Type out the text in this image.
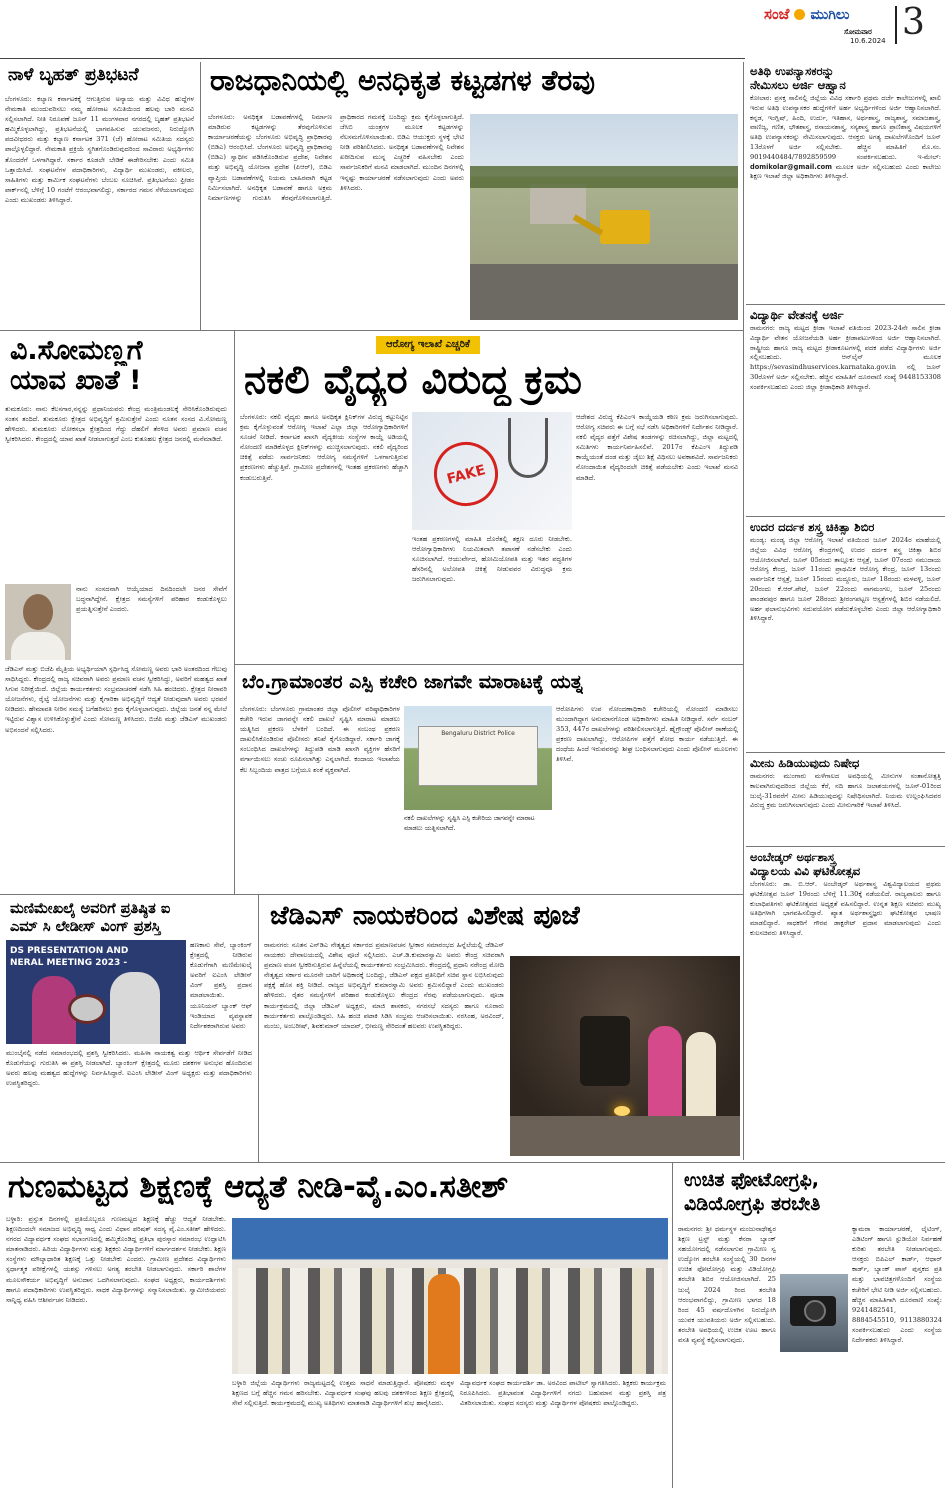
ಸಂಜೆ ಮುಗಿಲು
ಸೋಮವಾರ
10.6.2024 3
ನಾಳೆ ಬೃಹತ್ ಪ್ರತಿಭಟನೆ
ಬೆಂಗಳೂರು: ಕಲ್ಯಾಣ ಕರ್ನಾಟಕಕ್ಕೆ ಆಗುತ್ತಿರುವ ಅನ್ಯಾಯ ಮತ್ತು ವಿವಿಧ ಹುದ್ದೆಗಳ ನೇಮಕಾತಿ ಮುಂದುವರಿಸಲು ನಮ್ಮ ಹೋರಾಟ ಸಮಿತಿಯಿಂದ ಹಲವು ಬಾರಿ ಮನವಿ ಸಲ್ಲಿಸಲಾಗಿದೆ. ನೀತಿ ನಿರೂಪಣೆ ಜೂನ್ 11 ಮಂಗಳವಾರ ನಗರದಲ್ಲಿ ಬೃಹತ್ ಪ್ರತಿಭಟನೆ ಹಮ್ಮಿಕೊಳ್ಳಲಾಗಿದ್ದು, ಪ್ರತಿಭಟನೆಯಲ್ಲಿ ಭಾಗವಹಿಸುವ ಯುವಜನರು, ನಿರುದ್ಯೋಗಿ ಪದವೀಧರರು ಮತ್ತು ಕಲ್ಯಾಣ ಕರ್ನಾಟಕ 371 (ಜೆ) ಹೋರಾಟ ಸಮಿತಿಯ ಸದಸ್ಯರು ಪಾಲ್ಗೊಳ್ಳಲಿದ್ದಾರೆ. ನೇಮಕಾತಿ ಪ್ರಕ್ರಿಯೆ ಸ್ಥಗಿತಗೊಂಡಿರುವುದರಿಂದ ಸಾವಿರಾರು ಅಭ್ಯರ್ಥಿಗಳು ತೊಂದರೆಗೆ ಒಳಗಾಗಿದ್ದಾರೆ. ಸರ್ಕಾರ ಕೂಡಲೇ ಬೇಡಿಕೆ ಈಡೇರಿಸಬೇಕು ಎಂದು ಸಮಿತಿ ಒತ್ತಾಯಿಸಿದೆ. ಸಂಘಟನೆಗಳ ಪದಾಧಿಕಾರಿಗಳು, ವಿದ್ಯಾರ್ಥಿ ಮುಖಂಡರು, ವಕೀಲರು, ಸಾಹಿತಿಗಳು ಮತ್ತು ಕಾರ್ಮಿಕ ಸಂಘಟನೆಗಳು ಬೆಂಬಲ ಸೂಚಿಸಿವೆ. ಪ್ರತಿಭಟನೆಯು ಫ್ರೀಡಂ ಪಾರ್ಕ್‌ನಲ್ಲಿ ಬೆಳಿಗ್ಗೆ 10 ಗಂಟೆಗೆ ಆರಂಭವಾಗಲಿದ್ದು, ಸರ್ಕಾರದ ಗಮನ ಸೆಳೆಯಲಾಗುವುದು ಎಂದು ಮುಖಂಡರು ತಿಳಿಸಿದ್ದಾರೆ.
ರಾಜಧಾನಿಯಲ್ಲಿ ಅನಧಿಕೃತ ಕಟ್ಟಡಗಳ ತೆರವು
ಬೆಂಗಳೂರು: ಅನಧಿಕೃತ ಬಡಾವಣೆಗಳಲ್ಲಿ ನಿರ್ಮಾಣ ಮಾಡಿರುವ ಕಟ್ಟಡಗಳನ್ನು ತೆರವುಗೊಳಿಸುವ ಕಾರ್ಯಾಚರಣೆಯನ್ನು ಬೆಂಗಳೂರು ಅಭಿವೃದ್ಧಿ ಪ್ರಾಧಿಕಾರವು (ಬಿಡಿಎ) ಆರಂಭಿಸಿದೆ. ಬೆಂಗಳೂರು ಅಭಿವೃದ್ಧಿ ಪ್ರಾಧಿಕಾರವು (ಬಿಡಿಎ) ಸ್ವಾಧೀನ ಪಡಿಸಿಕೊಂಡಿರುವ ಪ್ರದೇಶ, ನಿವೇಶನ ಮತ್ತು ಅಭಿವೃದ್ಧಿ ಯೋಜನಾ ಪ್ರದೇಶ (ಪಿಆರ್), ಬಿಡಿಎ ವ್ಯಾಪ್ತಿಯ ಬಡಾವಣೆಗಳಲ್ಲಿ ನಿಯಮ ಬಾಹಿರವಾಗಿ ಕಟ್ಟಡ ನಿರ್ಮಿಸಲಾಗಿದೆ. ಅನಧಿಕೃತ ಬಡಾವಣೆ ಹಾಗೂ ಅಕ್ರಮ ನಿರ್ಮಾಣಗಳನ್ನು ಗುರುತಿಸಿ ತೆರವುಗೊಳಿಸಲಾಗುತ್ತಿದೆ. ಪ್ರಾಧಿಕಾರದ ಗಮನಕ್ಕೆ ಬಂದಿದ್ದು ಕ್ರಮ ಕೈಗೊಳ್ಳಲಾಗುತ್ತಿದೆ. ಜೆಸಿಬಿ ಯಂತ್ರಗಳ ಮೂಲಕ ಕಟ್ಟಡಗಳನ್ನು ನೆಲಸಮಗೊಳಿಸಲಾಯಿತು. ಬಿಡಿಎ ಆಯುಕ್ತರು ಸ್ಥಳಕ್ಕೆ ಭೇಟಿ ನೀಡಿ ಪರಿಶೀಲಿಸಿದರು. ಅನಧಿಕೃತ ಬಡಾವಣೆಗಳಲ್ಲಿ ನಿವೇಶನ ಖರೀದಿಸುವ ಮುನ್ನ ಎಚ್ಚರಿಕೆ ವಹಿಸಬೇಕು ಎಂದು ಸಾರ್ವಜನಿಕರಿಗೆ ಮನವಿ ಮಾಡಲಾಗಿದೆ. ಮುಂದಿನ ದಿನಗಳಲ್ಲಿ ಇನ್ನಷ್ಟು ಕಾರ್ಯಾಚರಣೆ ನಡೆಸಲಾಗುವುದು ಎಂದು ಅವರು ತಿಳಿಸಿದರು.
ವಿ.ಸೋಮಣ್ಣಗೆ
ಯಾವ ಖಾತೆ !
ತುಮಕೂರು: ನಾನು ಕೆಲಸಗಾರ,ನನ್ನನ್ನು ಪ್ರಧಾನಿಯವರು ಕೇಂದ್ರ ಮಂತ್ರಿಮಂಡಲಕ್ಕೆ ಸೇರಿಸಿಕೊಂಡಿರುವುದು ಸಂತಸ ತಂದಿದೆ. ತುಮಕೂರು ಕ್ಷೇತ್ರದ ಅಭಿವೃದ್ಧಿಗೆ ಶ್ರಮಿಸುತ್ತೇನೆ ಎಂದು ನೂತನ ಸಂಸದ ವಿ.ಸೋಮಣ್ಣ ಹೇಳಿದರು. ತುಮಕೂರು ಲೋಕಸಭಾ ಕ್ಷೇತ್ರದಿಂದ ಗೆದ್ದು ದೆಹಲಿಗೆ ತೆರಳಿದ ಅವರು ಪ್ರಮಾಣ ವಚನ ಸ್ವೀಕರಿಸಿದರು. ಕೇಂದ್ರದಲ್ಲಿ ಯಾವ ಖಾತೆ ನೀಡಲಾಗುತ್ತದೆ ಎಂಬ ಕುತೂಹಲ ಕ್ಷೇತ್ರದ ಜನರಲ್ಲಿ ಮನೆಮಾಡಿದೆ.
ನಾನು ಸಂಸದನಾಗಿ ಆಯ್ಕೆಯಾದ ದಿನದಿಂದಲೇ ಜನರ ಸೇವೆಗೆ ಬದ್ಧನಾಗಿದ್ದೇನೆ. ಕ್ಷೇತ್ರದ ಸಮಸ್ಯೆಗಳಿಗೆ ಪರಿಹಾರ ಕಂಡುಕೊಳ್ಳಲು ಪ್ರಯತ್ನಿಸುತ್ತೇನೆ ಎಂದರು.
ಜೆಡಿಎಸ್ ಮತ್ತು ಬಿಜೆಪಿ ಮೈತ್ರಿಯ ಅಭ್ಯರ್ಥಿಯಾಗಿ ಸ್ಪರ್ಧಿಸಿದ್ದ ಸೋಮಣ್ಣ ಅವರು ಭಾರಿ ಅಂತರದಿಂದ ಗೆಲುವು ಸಾಧಿಸಿದ್ದರು. ಕೇಂದ್ರದಲ್ಲಿ ರಾಜ್ಯ ಸಚಿವರಾಗಿ ಅವರು ಪ್ರಮಾಣ ವಚನ ಸ್ವೀಕರಿಸಿದ್ದು, ಅವರಿಗೆ ಮಹತ್ವದ ಖಾತೆ ಸಿಗುವ ನಿರೀಕ್ಷೆಯಿದೆ. ಜಿಲ್ಲೆಯ ಕಾರ್ಯಕರ್ತರು ಸಂಭ್ರಮಾಚರಣೆ ನಡೆಸಿ ಸಿಹಿ ಹಂಚಿದರು. ಕ್ಷೇತ್ರದ ನೀರಾವರಿ ಯೋಜನೆಗಳು, ರೈಲ್ವೆ ಯೋಜನೆಗಳು ಮತ್ತು ಕೈಗಾರಿಕಾ ಅಭಿವೃದ್ಧಿಗೆ ಆದ್ಯತೆ ನೀಡುವುದಾಗಿ ಅವರು ಭರವಸೆ ನೀಡಿದರು. ಹೇಮಾವತಿ ನೀರಿನ ಸಮಸ್ಯೆ ಬಗೆಹರಿಸಲು ಕ್ರಮ ಕೈಗೊಳ್ಳಲಾಗುವುದು. ಜಿಲ್ಲೆಯ ಜನತೆ ನನ್ನ ಮೇಲೆ ಇಟ್ಟಿರುವ ವಿಶ್ವಾಸ ಉಳಿಸಿಕೊಳ್ಳುತ್ತೇನೆ ಎಂದು ಸೋಮಣ್ಣ ತಿಳಿಸಿದರು. ಬಿಜೆಪಿ ಮತ್ತು ಜೆಡಿಎಸ್ ಮುಖಂಡರು ಅಭಿನಂದನೆ ಸಲ್ಲಿಸಿದರು.
ಆರೋಗ್ಯ ಇಲಾಖೆ ಎಚ್ಚರಿಕೆ
ನಕಲಿ ವೈದ್ಯರ ವಿರುದ್ಧ ಕ್ರಮ
ಬೆಂಗಳೂರು: ನಕಲಿ ವೈದ್ಯರು ಹಾಗೂ ಅನಧಿಕೃತ ಕ್ಲಿನಿಕ್‌ಗಳ ವಿರುದ್ಧ ಕಟ್ಟುನಿಟ್ಟಿನ ಕ್ರಮ ಕೈಗೊಳ್ಳುವಂತೆ ಆರೋಗ್ಯ ಇಲಾಖೆ ಎಲ್ಲಾ ಜಿಲ್ಲಾ ಆರೋಗ್ಯಾಧಿಕಾರಿಗಳಿಗೆ ಸೂಚನೆ ನೀಡಿದೆ. ಕರ್ನಾಟಕ ಖಾಸಗಿ ವೈದ್ಯಕೀಯ ಸಂಸ್ಥೆಗಳ ಕಾಯ್ದೆ ಅಡಿಯಲ್ಲಿ ನೋಂದಣಿ ಮಾಡಿಕೊಳ್ಳದ ಕ್ಲಿನಿಕ್‌ಗಳನ್ನು ಮುಚ್ಚಿಸಲಾಗುವುದು. ನಕಲಿ ವೈದ್ಯರಿಂದ ಚಿಕಿತ್ಸೆ ಪಡೆದು ಸಾರ್ವಜನಿಕರು ಆರೋಗ್ಯ ಸಮಸ್ಯೆಗಳಿಗೆ ಒಳಗಾಗುತ್ತಿರುವ ಪ್ರಕರಣಗಳು ಹೆಚ್ಚುತ್ತಿವೆ. ಗ್ರಾಮೀಣ ಪ್ರದೇಶಗಳಲ್ಲಿ ಇಂತಹ ಪ್ರಕರಣಗಳು ಹೆಚ್ಚಾಗಿ ಕಂಡುಬರುತ್ತಿವೆ.	FAKE
ಇಂತಹ ಪ್ರಕರಣಗಳಲ್ಲಿ ಮಾಹಿತಿ ದೊರೆತಲ್ಲಿ ತಕ್ಷಣ ದೂರು ನೀಡಬೇಕು. ಆರೋಗ್ಯಾಧಿಕಾರಿಗಳು ನಿಯಮಿತವಾಗಿ ತಪಾಸಣೆ ನಡೆಸಬೇಕು ಎಂದು ಸೂಚಿಸಲಾಗಿದೆ. ಆಯುರ್ವೇದ, ಹೋಮಿಯೋಪತಿ ಮತ್ತು ಇತರ ಪದ್ಧತಿಗಳ ಹೆಸರಿನಲ್ಲಿ ಅಲೋಪತಿ ಚಿಕಿತ್ಸೆ ನೀಡುವವರ ವಿರುದ್ಧವೂ ಕ್ರಮ ಜರುಗಿಸಲಾಗುವುದು.
ಆದೇಶದ ವಿರುದ್ಧ ಕೆಪಿಎಂಇ ಕಾಯ್ದೆಯಡಿ ಕಠಿಣ ಕ್ರಮ ಜರುಗಿಸಲಾಗುವುದು. ಆರೋಗ್ಯ ಸಚಿವರು ಈ ಬಗ್ಗೆ ಸಭೆ ನಡೆಸಿ ಅಧಿಕಾರಿಗಳಿಗೆ ನಿರ್ದೇಶನ ನೀಡಿದ್ದಾರೆ. ನಕಲಿ ವೈದ್ಯರ ಪತ್ತೆಗೆ ವಿಶೇಷ ತಂಡಗಳನ್ನು ರಚಿಸಲಾಗಿದ್ದು, ಜಿಲ್ಲಾ ಮಟ್ಟದಲ್ಲಿ ಸಮಿತಿಗಳು ಕಾರ್ಯನಿರ್ವಹಿಸಲಿವೆ. 2017ರ ಕೆಪಿಎಂಇ ತಿದ್ದುಪಡಿ ಕಾಯ್ದೆಯಂತೆ ದಂಡ ಮತ್ತು ಜೈಲು ಶಿಕ್ಷೆ ವಿಧಿಸಲು ಅವಕಾಶವಿದೆ. ಸಾರ್ವಜನಿಕರು ನೋಂದಾಯಿತ ವೈದ್ಯರಿಂದಲೇ ಚಿಕಿತ್ಸೆ ಪಡೆಯಬೇಕು ಎಂದು ಇಲಾಖೆ ಮನವಿ ಮಾಡಿದೆ.
ಬೆಂ.ಗ್ರಾಮಾಂತರ ಎಸ್ಪಿ ಕಚೇರಿ ಜಾಗವೇ ಮಾರಾಟಕ್ಕೆ ಯತ್ನ
ಬೆಂಗಳೂರು: ಬೆಂಗಳೂರು ಗ್ರಾಮಾಂತರ ಜಿಲ್ಲಾ ಪೊಲೀಸ್ ವರಿಷ್ಠಾಧಿಕಾರಿಗಳ ಕಚೇರಿ ಇರುವ ಜಾಗವನ್ನೇ ನಕಲಿ ದಾಖಲೆ ಸೃಷ್ಟಿಸಿ ಮಾರಾಟ ಮಾಡಲು ಯತ್ನಿಸಿದ ಪ್ರಕರಣ ಬೆಳಕಿಗೆ ಬಂದಿದೆ. ಈ ಸಂಬಂಧ ಪ್ರಕರಣ ದಾಖಲಿಸಿಕೊಂಡಿರುವ ಪೊಲೀಸರು ತನಿಖೆ ಕೈಗೊಂಡಿದ್ದಾರೆ. ಸರ್ಕಾರಿ ಜಾಗಕ್ಕೆ ಸಂಬಂಧಿಸಿದ ದಾಖಲೆಗಳನ್ನು ತಿದ್ದುಪಡಿ ಮಾಡಿ ಖಾಸಗಿ ವ್ಯಕ್ತಿಗಳ ಹೆಸರಿಗೆ ವರ್ಗಾಯಿಸಲು ಸಂಚು ರೂಪಿಸಲಾಗಿತ್ತು ಎನ್ನಲಾಗಿದೆ. ಕಂದಾಯ ಇಲಾಖೆಯ ಕೆಲ ಸಿಬ್ಬಂದಿಯ ಪಾತ್ರದ ಬಗ್ಗೆಯೂ ಶಂಕೆ ವ್ಯಕ್ತವಾಗಿದೆ.
Bengaluru District Police
ನಕಲಿ ದಾಖಲೆಗಳನ್ನು ಸೃಷ್ಟಿಸಿ ಎಸ್ಪಿ ಕಚೇರಿಯ ಜಾಗವನ್ನೇ ಮಾರಾಟ ಮಾಡಲು ಯತ್ನಿಸಲಾಗಿದೆ.
ಆರೋಪಿಗಳು ಉಪ ನೋಂದಣಾಧಿಕಾರಿ ಕಚೇರಿಯಲ್ಲಿ ನೋಂದಣಿ ಮಾಡಿಸಲು ಮುಂದಾಗಿದ್ದಾಗ ಅನುಮಾನಗೊಂಡ ಅಧಿಕಾರಿಗಳು ಮಾಹಿತಿ ನೀಡಿದ್ದಾರೆ. ಸರ್ವೆ ನಂಬರ್ 353, 447ರ ದಾಖಲೆಗಳನ್ನು ಪರಿಶೀಲಿಸಲಾಗುತ್ತಿದೆ. ಹೈಗ್ರೌಂಡ್ಸ್ ಪೊಲೀಸ್ ಠಾಣೆಯಲ್ಲಿ ಪ್ರಕರಣ ದಾಖಲಾಗಿದ್ದು, ಆರೋಪಿಗಳ ಪತ್ತೆಗೆ ಶೋಧ ಕಾರ್ಯ ನಡೆಯುತ್ತಿದೆ. ಈ ದಂಧೆಯ ಹಿಂದೆ ಇರುವವರನ್ನು ಶೀಘ್ರ ಬಂಧಿಸಲಾಗುವುದು ಎಂದು ಪೊಲೀಸ್ ಮೂಲಗಳು ತಿಳಿಸಿವೆ.
ಮಣಿಮೇಖಲೈ ಅವರಿಗೆ ಪ್ರತಿಷ್ಠಿತ ಐ
ಎಮ್ ಸಿ ಲೇಡೀಸ್ ವಿಂಗ್ ಪ್ರಶಸ್ತಿ
DS PRESENTATION AND
NERAL MEETING 2023 -
ಹಣಕಾಸು ಸೇವೆ, ಬ್ಯಾಂಕಿಂಗ್ ಕ್ಷೇತ್ರದಲ್ಲಿ ನೀಡಿರುವ ಕೊಡುಗೆಗಾಗಿ ಮಣಿಮೇಖಲೈ ಅವರಿಗೆ ಐಎಂಸಿ ಲೇಡೀಸ್ ವಿಂಗ್ ಪ್ರಶಸ್ತಿ ಪ್ರದಾನ ಮಾಡಲಾಯಿತು. ಯೂನಿಯನ್ ಬ್ಯಾಂಕ್ ಆಫ್ ಇಂಡಿಯಾದ ವ್ಯವಸ್ಥಾಪಕ ನಿರ್ದೇಶಕರಾಗಿರುವ ಅವರು
ಮುಂಬೈನಲ್ಲಿ ನಡೆದ ಸಮಾರಂಭದಲ್ಲಿ ಪ್ರಶಸ್ತಿ ಸ್ವೀಕರಿಸಿದರು. ಮಹಿಳಾ ನಾಯಕತ್ವ ಮತ್ತು ಆರ್ಥಿಕ ಸೇರ್ಪಡೆಗೆ ನೀಡಿದ ಕೊಡುಗೆಯನ್ನು ಗುರುತಿಸಿ ಈ ಪ್ರಶಸ್ತಿ ನೀಡಲಾಗಿದೆ. ಬ್ಯಾಂಕಿಂಗ್ ಕ್ಷೇತ್ರದಲ್ಲಿ ಮೂರು ದಶಕಗಳ ಅನುಭವ ಹೊಂದಿರುವ ಅವರು ಹಲವು ಮಹತ್ವದ ಹುದ್ದೆಗಳನ್ನು ನಿರ್ವಹಿಸಿದ್ದಾರೆ. ಐಎಂಸಿ ಲೇಡೀಸ್ ವಿಂಗ್ ಅಧ್ಯಕ್ಷರು ಮತ್ತು ಪದಾಧಿಕಾರಿಗಳು ಉಪಸ್ಥಿತರಿದ್ದರು.
ಜೆಡಿಎಸ್ ನಾಯಕರಿಂದ ವಿಶೇಷ ಪೂಜೆ
ರಾಮನಗರ: ನೂತನ ಎನ್‌ಡಿಎ ನೇತೃತ್ವದ ಸರ್ಕಾರದ ಪ್ರಮಾಣವಚನ ಸ್ವೀಕಾರ ಸಮಾರಂಭದ ಹಿನ್ನೆಲೆಯಲ್ಲಿ ಜೆಡಿಎಸ್ ನಾಯಕರು ದೇವಾಲಯದಲ್ಲಿ ವಿಶೇಷ ಪೂಜೆ ಸಲ್ಲಿಸಿದರು. ಎಚ್.ಡಿ.ಕುಮಾರಸ್ವಾಮಿ ಅವರು ಕೇಂದ್ರ ಸಚಿವರಾಗಿ ಪ್ರಮಾಣ ವಚನ ಸ್ವೀಕರಿಸುತ್ತಿರುವ ಹಿನ್ನೆಲೆಯಲ್ಲಿ ಕಾರ್ಯಕರ್ತರು ಸಂಭ್ರಮಿಸಿದರು. ಕೇಂದ್ರದಲ್ಲಿ ಪ್ರಧಾನಿ ನರೇಂದ್ರ ಮೋದಿ ನೇತೃತ್ವದ ಸರ್ಕಾರ ಮೂರನೇ ಬಾರಿಗೆ ಅಧಿಕಾರಕ್ಕೆ ಬಂದಿದ್ದು, ಜೆಡಿಎಸ್ ಪಕ್ಷದ ಪ್ರತಿನಿಧಿಗೆ ಸಚಿವ ಸ್ಥಾನ ಲಭಿಸಿರುವುದು ಪಕ್ಷಕ್ಕೆ ಹೊಸ ಶಕ್ತಿ ನೀಡಿದೆ. ರಾಜ್ಯದ ಅಭಿವೃದ್ಧಿಗೆ ಕುಮಾರಸ್ವಾಮಿ ಅವರು ಶ್ರಮಿಸಲಿದ್ದಾರೆ ಎಂದು ಮುಖಂಡರು ಹೇಳಿದರು. ರೈತರ ಸಮಸ್ಯೆಗಳಿಗೆ ಪರಿಹಾರ ಕಂಡುಕೊಳ್ಳಲು ಕೇಂದ್ರದ ನೆರವು ಪಡೆಯಲಾಗುವುದು. ಪೂಜಾ ಕಾರ್ಯಕ್ರಮದಲ್ಲಿ ಜಿಲ್ಲಾ ಜೆಡಿಎಸ್ ಅಧ್ಯಕ್ಷರು, ಮಾಜಿ ಶಾಸಕರು, ನಗರಸಭೆ ಸದಸ್ಯರು ಹಾಗೂ ನೂರಾರು ಕಾರ್ಯಕರ್ತರು ಪಾಲ್ಗೊಂಡಿದ್ದರು. ಸಿಹಿ ಹಂಚಿ ಪಟಾಕಿ ಸಿಡಿಸಿ ಸಂಭ್ರಮ ಆಚರಿಸಲಾಯಿತು. ನರಸಿಂಹ, ಅರವಿಂದ್, ಮಂಜು, ಅಂಬರೀಷ್, ಶಿವಕುಮಾರ್ ಯಾದವ್, ಭೀಮಣ್ಣ ಸೇರಿದಂತೆ ಹಲವರು ಉಪಸ್ಥಿತರಿದ್ದರು.
ಗುಣಮಟ್ಟದ ಶಿಕ್ಷಣಕ್ಕೆ ಆದ್ಯತೆ ನೀಡಿ-ವೈ.ಎಂ.ಸತೀಶ್
ಬಳ್ಳಾರಿ: ಪ್ರಸ್ತುತ ದಿನಗಳಲ್ಲಿ ಪ್ರತಿಯೊಬ್ಬರೂ ಗುಣಮಟ್ಟದ ಶಿಕ್ಷಣಕ್ಕೆ ಹೆಚ್ಚು ಆದ್ಯತೆ ನೀಡಬೇಕು. ಶಿಕ್ಷಣದಿಂದಲೇ ಸಮಾಜದ ಅಭಿವೃದ್ಧಿ ಸಾಧ್ಯ ಎಂದು ವಿಧಾನ ಪರಿಷತ್ ಸದಸ್ಯ ವೈ.ಎಂ.ಸತೀಶ್ ಹೇಳಿದರು. ನಗರದ ವಿದ್ಯಾವರ್ಧಕ ಸಂಘದ ಸಭಾಂಗಣದಲ್ಲಿ ಹಮ್ಮಿಕೊಂಡಿದ್ದ ಪ್ರತಿಭಾ ಪುರಸ್ಕಾರ ಸಮಾರಂಭ ಉದ್ಘಾಟಿಸಿ ಮಾತನಾಡಿದರು. ಹಿರಿಯ ವಿದ್ಯಾರ್ಥಿಗಳು ಮತ್ತು ಶಿಕ್ಷಕರು ವಿದ್ಯಾರ್ಥಿಗಳಿಗೆ ಮಾರ್ಗದರ್ಶನ ನೀಡಬೇಕು. ಶಿಕ್ಷಣ ಸಂಸ್ಥೆಗಳು ಮೌಲ್ಯಾಧಾರಿತ ಶಿಕ್ಷಣಕ್ಕೆ ಒತ್ತು ನೀಡಬೇಕು ಎಂದರು. ಗ್ರಾಮೀಣ ಪ್ರದೇಶದ ವಿದ್ಯಾರ್ಥಿಗಳು ಸ್ಪರ್ಧಾತ್ಮಕ ಪರೀಕ್ಷೆಗಳಲ್ಲಿ ಯಶಸ್ಸು ಗಳಿಸಲು ಅಗತ್ಯ ತರಬೇತಿ ನೀಡಲಾಗುವುದು. ಸರ್ಕಾರಿ ಶಾಲೆಗಳ ಮೂಲಸೌಕರ್ಯ ಅಭಿವೃದ್ಧಿಗೆ ಅನುದಾನ ಒದಗಿಸಲಾಗುವುದು. ಸಂಘದ ಅಧ್ಯಕ್ಷರು, ಕಾರ್ಯದರ್ಶಿಗಳು ಹಾಗೂ ಪದಾಧಿಕಾರಿಗಳು ಉಪಸ್ಥಿತರಿದ್ದರು. ಸಾಧಕ ವಿದ್ಯಾರ್ಥಿಗಳನ್ನು ಸನ್ಮಾನಿಸಲಾಯಿತು. ಸ್ವಾಮೀಜಿಯವರು ಸಾನ್ನಿಧ್ಯ ವಹಿಸಿ ಆಶೀರ್ವಚನ ನೀಡಿದರು.
ಬಳ್ಳಾರಿ ಜಿಲ್ಲೆಯ ವಿದ್ಯಾರ್ಥಿಗಳು ರಾಜ್ಯಮಟ್ಟದಲ್ಲಿ ಉತ್ತಮ ಸಾಧನೆ ಮಾಡುತ್ತಿದ್ದಾರೆ. ಪೋಷಕರು ಮಕ್ಕಳ ಶಿಕ್ಷಣದ ಬಗ್ಗೆ ಹೆಚ್ಚಿನ ಗಮನ ಹರಿಸಬೇಕು. ವಿದ್ಯಾವರ್ಧಕ ಸಂಘವು ಹಲವು ದಶಕಗಳಿಂದ ಶಿಕ್ಷಣ ಕ್ಷೇತ್ರದಲ್ಲಿ ಸೇವೆ ಸಲ್ಲಿಸುತ್ತಿದೆ. ಕಾರ್ಯಕ್ರಮದಲ್ಲಿ ಮುಖ್ಯ ಅತಿಥಿಗಳು ಮಾತನಾಡಿ ವಿದ್ಯಾರ್ಥಿಗಳಿಗೆ ಶುಭ ಹಾರೈಸಿದರು.
ವಿದ್ಯಾವರ್ಧಕ ಸಂಘದ ಕಾರ್ಯದರ್ಶಿ ಡಾ. ಅರವಿಂದ ಪಾಟೀಲ್ ಸ್ವಾಗತಿಸಿದರು. ಶಿಕ್ಷಕರು ಕಾರ್ಯಕ್ರಮ ನಿರೂಪಿಸಿದರು. ಪ್ರತಿಭಾವಂತ ವಿದ್ಯಾರ್ಥಿಗಳಿಗೆ ನಗದು ಬಹುಮಾನ ಮತ್ತು ಪ್ರಶಸ್ತಿ ಪತ್ರ ವಿತರಿಸಲಾಯಿತು. ಸಂಘದ ಸದಸ್ಯರು ಮತ್ತು ವಿದ್ಯಾರ್ಥಿಗಳ ಪೋಷಕರು ಪಾಲ್ಗೊಂಡಿದ್ದರು.
ಉಚಿತ ಫೋಟೋಗ್ರಫಿ,
ವಿಡಿಯೋಗ್ರಫಿ ತರಬೇತಿ
ರಾಮನಗರ: ಶ್ರೀ ಧರ್ಮಸ್ಥಳ ಮಂಜುನಾಥೇಶ್ವರ ಶಿಕ್ಷಣ ಟ್ರಸ್ಟ್ ಮತ್ತು ಕೆನರಾ ಬ್ಯಾಂಕ್ ಸಹಯೋಗದಲ್ಲಿ ನಡೆಸಲಾಗುವ ಗ್ರಾಮೀಣ ಸ್ವ ಉದ್ಯೋಗ ತರಬೇತಿ ಸಂಸ್ಥೆಯಲ್ಲಿ 30 ದಿನಗಳ ಉಚಿತ ಫೋಟೋಗ್ರಫಿ ಮತ್ತು ವಿಡಿಯೋಗ್ರಫಿ ತರಬೇತಿ ಶಿಬಿರ ಆಯೋಜಿಸಲಾಗಿದೆ. 25 ಜುಲೈ 2024 ರಿಂದ ತರಬೇತಿ ಆರಂಭವಾಗಲಿದ್ದು, ಗ್ರಾಮೀಣ ಭಾಗದ 18 ರಿಂದ 45 ವರ್ಷದೊಳಗಿನ ನಿರುದ್ಯೋಗಿ ಯುವಕ ಯುವತಿಯರು ಅರ್ಜಿ ಸಲ್ಲಿಸಬಹುದು. ತರಬೇತಿ ಅವಧಿಯಲ್ಲಿ ಉಚಿತ ಊಟ ಹಾಗೂ ವಸತಿ ವ್ಯವಸ್ಥೆ ಕಲ್ಪಿಸಲಾಗುವುದು.
ಕ್ಯಾಮರಾ ಕಾರ್ಯಾಚರಣೆ, ಲೈಟಿಂಗ್, ಎಡಿಟಿಂಗ್ ಹಾಗೂ ಸ್ಟುಡಿಯೋ ನಿರ್ವಹಣೆ ಕುರಿತು ತರಬೇತಿ ನೀಡಲಾಗುವುದು. ಆಸಕ್ತರು ಬಿಪಿಎಲ್ ಕಾರ್ಡ್, ಆಧಾರ್ ಕಾರ್ಡ್, ಬ್ಯಾಂಕ್ ಪಾಸ್ ಪುಸ್ತಕದ ಪ್ರತಿ ಮತ್ತು ಭಾವಚಿತ್ರಗಳೊಂದಿಗೆ ಸಂಸ್ಥೆಯ ಕಚೇರಿಗೆ ಭೇಟಿ ನೀಡಿ ಅರ್ಜಿ ಸಲ್ಲಿಸಬಹುದು. ಹೆಚ್ಚಿನ ಮಾಹಿತಿಗಾಗಿ ದೂರವಾಣಿ ಸಂಖ್ಯೆ: 9241482541, 8884545510, 9113880324 ಸಂಪರ್ಕಿಸಬಹುದು ಎಂದು ಸಂಸ್ಥೆಯ ನಿರ್ದೇಶಕರು ತಿಳಿಸಿದ್ದಾರೆ.
ಅತಿಥಿ ಉಪನ್ಯಾಸಕರನ್ನು
ನೇಮಿಸಲು ಅರ್ಜಿ ಆಹ್ವಾನ
ಕೋಲಾರ: ಪ್ರಸಕ್ತ ಸಾಲಿನಲ್ಲಿ ಜಿಲ್ಲೆಯ ವಿವಿಧ ಸರ್ಕಾರಿ ಪ್ರಥಮ ದರ್ಜೆ ಕಾಲೇಜುಗಳಲ್ಲಿ ಖಾಲಿ ಇರುವ ಅತಿಥಿ ಉಪನ್ಯಾಸಕರ ಹುದ್ದೆಗಳಿಗೆ ಅರ್ಹ ಅಭ್ಯರ್ಥಿಗಳಿಂದ ಅರ್ಜಿ ಆಹ್ವಾನಿಸಲಾಗಿದೆ. ಕನ್ನಡ, ಇಂಗ್ಲಿಷ್, ಹಿಂದಿ, ಉರ್ದು, ಇತಿಹಾಸ, ಅರ್ಥಶಾಸ್ತ್ರ, ರಾಜ್ಯಶಾಸ್ತ್ರ, ಸಮಾಜಶಾಸ್ತ್ರ, ವಾಣಿಜ್ಯ, ಗಣಿತ, ಭೌತಶಾಸ್ತ್ರ, ರಸಾಯನಶಾಸ್ತ್ರ, ಸಸ್ಯಶಾಸ್ತ್ರ ಹಾಗೂ ಪ್ರಾಣಿಶಾಸ್ತ್ರ ವಿಷಯಗಳಿಗೆ ಅತಿಥಿ ಉಪನ್ಯಾಸಕರನ್ನು ನೇಮಿಸಲಾಗುವುದು. ಆಸಕ್ತರು ಅಗತ್ಯ ದಾಖಲೆಗಳೊಂದಿಗೆ ಜೂನ್ 13ರೊಳಗೆ ಅರ್ಜಿ ಸಲ್ಲಿಸಬೇಕು. ಹೆಚ್ಚಿನ ಮಾಹಿತಿಗೆ ಮೊ.ಸಂ. 9019440484/7892859599 ಸಂಪರ್ಕಿಸಬಹುದು. ಇ-ಮೇಲ್: domikolar@gmail.com ಮೂಲಕ ಅರ್ಜಿ ಸಲ್ಲಿಸಬಹುದು ಎಂದು ಕಾಲೇಜು ಶಿಕ್ಷಣ ಇಲಾಖೆ ಜಿಲ್ಲಾ ಅಧಿಕಾರಿಗಳು ತಿಳಿಸಿದ್ದಾರೆ.
ವಿದ್ಯಾರ್ಥಿ ವೇತನಕ್ಕೆ ಅರ್ಜಿ
ರಾಮನಗರ: ರಾಜ್ಯ ಮಟ್ಟದ ಕ್ರೀಡಾ ಇಲಾಖೆ ವತಿಯಿಂದ 2023-24ನೇ ಸಾಲಿನ ಕ್ರೀಡಾ ವಿದ್ಯಾರ್ಥಿ ವೇತನ ಯೋಜನೆಯಡಿ ಅರ್ಹ ಕ್ರೀಡಾಪಟುಗಳಿಂದ ಅರ್ಜಿ ಆಹ್ವಾನಿಸಲಾಗಿದೆ. ರಾಷ್ಟ್ರೀಯ ಹಾಗೂ ರಾಜ್ಯ ಮಟ್ಟದ ಕ್ರೀಡಾಕೂಟಗಳಲ್ಲಿ ಪದಕ ಪಡೆದ ವಿದ್ಯಾರ್ಥಿಗಳು ಅರ್ಜಿ ಸಲ್ಲಿಸಬಹುದು. ಆನ್‌ಲೈನ್ ಮೂಲಕ https://sevasindhuservices.karnataka.gov.in ನಲ್ಲಿ ಜೂನ್ 30ರೊಳಗೆ ಅರ್ಜಿ ಸಲ್ಲಿಸಬೇಕು. ಹೆಚ್ಚಿನ ಮಾಹಿತಿಗೆ ದೂರವಾಣಿ ಸಂಖ್ಯೆ 9448153308 ಸಂಪರ್ಕಿಸಬಹುದು ಎಂದು ಜಿಲ್ಲಾ ಕ್ರೀಡಾಧಿಕಾರಿ ತಿಳಿಸಿದ್ದಾರೆ.
ಉದರ ದರ್ದಕ ಶಸ್ತ್ರ ಚಿಕಿತ್ಸಾ ಶಿಬಿರ
ಮಂಡ್ಯ: ಮಂಡ್ಯ ಜಿಲ್ಲಾ ಆರೋಗ್ಯ ಇಲಾಖೆ ವತಿಯಿಂದ ಜೂನ್ 2024ರ ಮಾಹೆಯಲ್ಲಿ ಜಿಲ್ಲೆಯ ವಿವಿಧ ಆರೋಗ್ಯ ಕೇಂದ್ರಗಳಲ್ಲಿ ಉದರ ದರ್ದಕ ಶಸ್ತ್ರ ಚಿಕಿತ್ಸಾ ಶಿಬಿರ ಆಯೋಜಿಸಲಾಗಿದೆ. ಜೂನ್ 05ರಂದು ತಾಲ್ಲೂಕು ಆಸ್ಪತ್ರೆ, ಜೂನ್ 07ರಂದು ಸಮುದಾಯ ಆರೋಗ್ಯ ಕೇಂದ್ರ, ಜೂನ್ 11ರಂದು ಪ್ರಾಥಮಿಕ ಆರೋಗ್ಯ ಕೇಂದ್ರ, ಜೂನ್ 13ರಂದು ಸಾರ್ವಜನಿಕ ಆಸ್ಪತ್ರೆ, ಜೂನ್ 15ರಂದು ಮದ್ದೂರು, ಜೂನ್ 18ರಂದು ಮಳವಳ್ಳಿ, ಜೂನ್ 20ರಂದು ಕೆ.ಆರ್.ಪೇಟೆ, ಜೂನ್ 22ರಂದು ನಾಗಮಂಗಲ, ಜೂನ್ 25ರಂದು ಪಾಂಡವಪುರ ಹಾಗೂ ಜೂನ್ 28ರಂದು ಶ್ರೀರಂಗಪಟ್ಟಣ ಆಸ್ಪತ್ರೆಗಳಲ್ಲಿ ಶಿಬಿರ ನಡೆಯಲಿದೆ. ಅರ್ಹ ಫಲಾನುಭವಿಗಳು ಸದುಪಯೋಗ ಪಡೆದುಕೊಳ್ಳಬೇಕು ಎಂದು ಜಿಲ್ಲಾ ಆರೋಗ್ಯಾಧಿಕಾರಿ ತಿಳಿಸಿದ್ದಾರೆ.
ಮೀನು ಹಿಡಿಯುವುದು ನಿಷೇಧ
ರಾಮನಗರ: ಮುಂಗಾರು ಮಳೆಗಾಲದ ಅವಧಿಯಲ್ಲಿ ಮೀನುಗಳ ಸಂತಾನೋತ್ಪತ್ತಿ ಕಾಲವಾಗಿರುವುದರಿಂದ ಜಿಲ್ಲೆಯ ಕೆರೆ, ನದಿ ಹಾಗೂ ಜಲಾಶಯಗಳಲ್ಲಿ ಜೂನ್-01ರಿಂದ ಜುಲೈ-31ರವರೆಗೆ ಮೀನು ಹಿಡಿಯುವುದನ್ನು ನಿಷೇಧಿಸಲಾಗಿದೆ. ನಿಯಮ ಉಲ್ಲಂಘಿಸಿದವರ ವಿರುದ್ಧ ಕ್ರಮ ಜರುಗಿಸಲಾಗುವುದು ಎಂದು ಮೀನುಗಾರಿಕೆ ಇಲಾಖೆ ತಿಳಿಸಿದೆ.
ಅಂಬೇಡ್ಕರ್ ಅರ್ಥಶಾಸ್ತ್ರ
ವಿದ್ಯಾಲಯ ವಿವಿ ಘಟಿಕೋತ್ಸವ
ಬೆಂಗಳೂರು: ಡಾ. ಬಿ.ಆರ್. ಅಂಬೇಡ್ಕರ್ ಅರ್ಥಶಾಸ್ತ್ರ ವಿಶ್ವವಿದ್ಯಾಲಯದ ಪ್ರಥಮ ಘಟಿಕೋತ್ಸವ ಜೂನ್ 19ರಂದು ಬೆಳಿಗ್ಗೆ 11.30ಕ್ಕೆ ನಡೆಯಲಿದೆ. ರಾಜ್ಯಪಾಲರು ಹಾಗೂ ಕುಲಾಧಿಪತಿಗಳು ಘಟಿಕೋತ್ಸವದ ಅಧ್ಯಕ್ಷತೆ ವಹಿಸಲಿದ್ದಾರೆ. ಉನ್ನತ ಶಿಕ್ಷಣ ಸಚಿವರು ಮುಖ್ಯ ಅತಿಥಿಗಳಾಗಿ ಭಾಗವಹಿಸಲಿದ್ದಾರೆ. ಖ್ಯಾತ ಅರ್ಥಶಾಸ್ತ್ರಜ್ಞರು ಘಟಿಕೋತ್ಸವ ಭಾಷಣ ಮಾಡಲಿದ್ದಾರೆ. ಸಾಧಕರಿಗೆ ಗೌರವ ಡಾಕ್ಟರೇಟ್ ಪ್ರದಾನ ಮಾಡಲಾಗುವುದು ಎಂದು ಕುಲಸಚಿವರು ತಿಳಿಸಿದ್ದಾರೆ.
